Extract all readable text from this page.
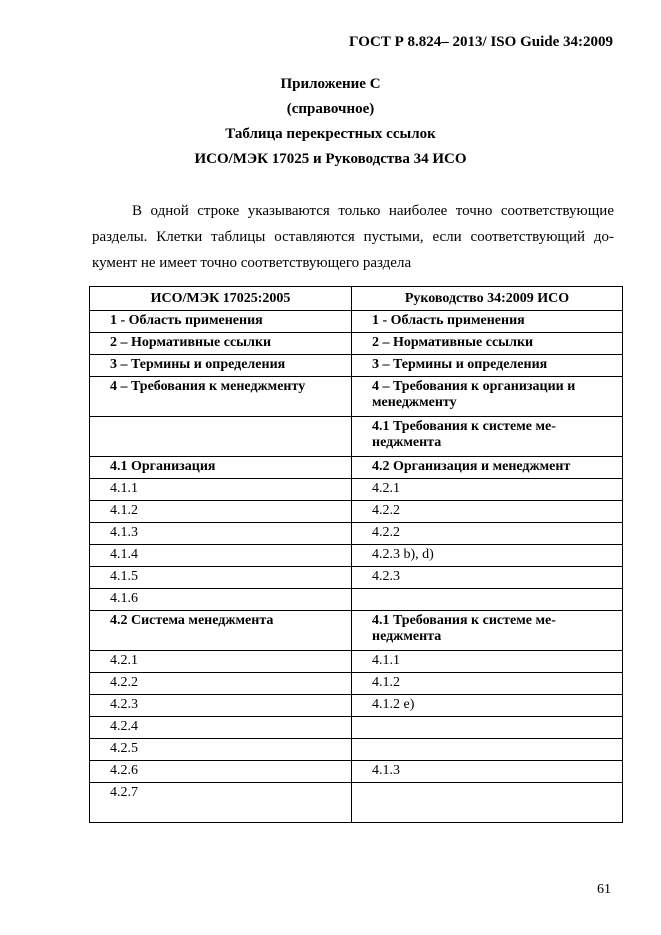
ГОСТ Р 8.824– 2013/ ISO Guide 34:2009
Приложение С
(справочное)
Таблица перекрестных ссылок
ИСО/МЭК 17025 и Руководства 34 ИСО
В одной строке указываются только наиболее точно соответствующие
разделы. Клетки таблицы оставляются пустыми, если соответствующий до-
кумент не имеет точно соответствующего раздела
ИСО/МЭК 17025:2005	Руководство 34:2009 ИСО
1 - Область применения	1 - Область применения
2 – Нормативные ссылки	2 – Нормативные ссылки
3 – Термины и определения	3 – Термины и определения
4 – Требования к менеджменту	4 – Требования к организации и менеджменту
	4.1 Требования к системе ме-неджмента
4.1 Организация	4.2 Организация и менеджмент
4.1.1	4.2.1
4.1.2	4.2.2
4.1.3	4.2.2
4.1.4	4.2.3 b), d)
4.1.5	4.2.3
4.1.6	
4.2 Система менеджмента	4.1 Требования к системе ме-неджмента
4.2.1	4.1.1
4.2.2	4.1.2
4.2.3	4.1.2 e)
4.2.4	
4.2.5	
4.2.6	4.1.3
4.2.7	
61
